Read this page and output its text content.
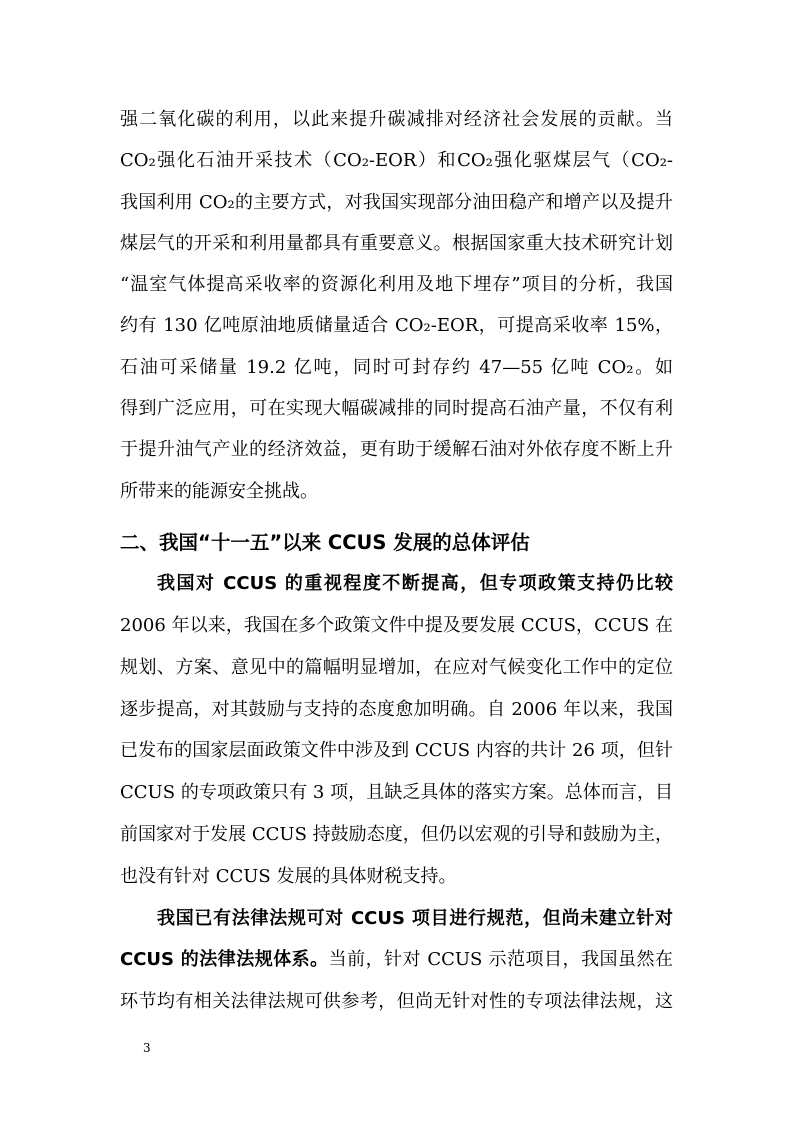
强二氧化碳的利用，以此来提升碳减排对经济社会发展的贡献。当
CO₂强化石油开采技术（CO₂-EOR）和CO₂强化驱煤层气（CO₂-
我国利用 CO₂的主要方式，对我国实现部分油田稳产和增产以及提升
煤层气的开采和利用量都具有重要意义。根据国家重大技术研究计划
“温室气体提高采收率的资源化利用及地下埋存”项目的分析，我国
约有 130 亿吨原油地质储量适合 CO₂-EOR，可提高采收率 15%，
石油可采储量 19.2 亿吨，同时可封存约 47—55 亿吨 CO₂。如
得到广泛应用，可在实现大幅碳减排的同时提高石油产量，不仅有利
于提升油气产业的经济效益，更有助于缓解石油对外依存度不断上升
所带来的能源安全挑战。
二、我国“十一五”以来 CCUS 发展的总体评估
我国对 CCUS 的重视程度不断提高，但专项政策支持仍比较
2006 年以来，我国在多个政策文件中提及要发展 CCUS，CCUS 在
规划、方案、意见中的篇幅明显增加，在应对气候变化工作中的定位
逐步提高，对其鼓励与支持的态度愈加明确。自 2006 年以来，我国
已发布的国家层面政策文件中涉及到 CCUS 内容的共计 26 项，但针
CCUS 的专项政策只有 3 项，且缺乏具体的落实方案。总体而言，目
前国家对于发展 CCUS 持鼓励态度，但仍以宏观的引导和鼓励为主，
也没有针对 CCUS 发展的具体财税支持。
我国已有法律法规可对 CCUS 项目进行规范，但尚未建立针对
CCUS 的法律法规体系。当前，针对 CCUS 示范项目，我国虽然在
环节均有相关法律法规可供参考，但尚无针对性的专项法律法规，这
3
